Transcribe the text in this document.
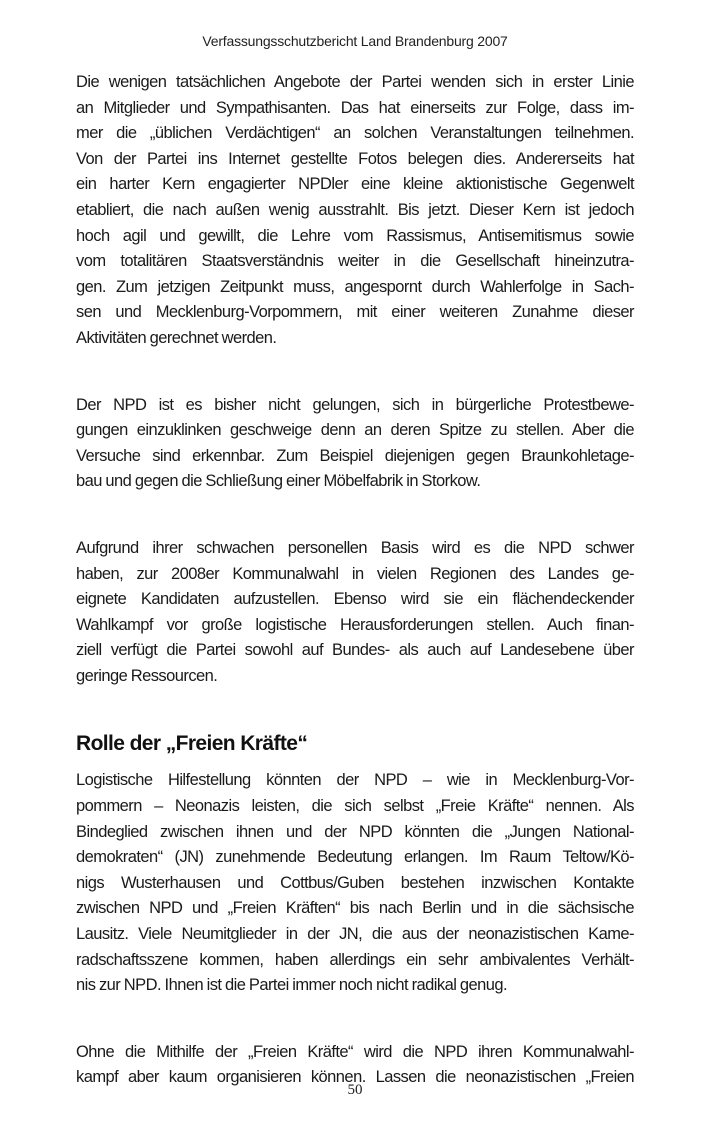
Verfassungsschutzbericht Land Brandenburg 2007

Die wenigen tatsächlichen Angebote der Partei wenden sich in erster Linie
an Mitglieder und Sympathisanten. Das hat einerseits zur Folge, dass im-
mer die „üblichen Verdächtigen“ an solchen Veranstaltungen teilnehmen.
Von der Partei ins Internet gestellte Fotos belegen dies. Andererseits hat
ein harter Kern engagierter NPDler eine kleine aktionistische Gegenwelt
etabliert, die nach außen wenig ausstrahlt. Bis jetzt. Dieser Kern ist jedoch
hoch agil und gewillt, die Lehre vom Rassismus, Antisemitismus sowie
vom totalitären Staatsverständnis weiter in die Gesellschaft hineinzutra-
gen. Zum jetzigen Zeitpunkt muss, angespornt durch Wahlerfolge in Sach-
sen und Mecklenburg-Vorpommern, mit einer weiteren Zunahme dieser
Aktivitäten gerechnet werden.

Der NPD ist es bisher nicht gelungen, sich in bürgerliche Protestbewe-
gungen einzuklinken geschweige denn an deren Spitze zu stellen. Aber die
Versuche sind erkennbar. Zum Beispiel diejenigen gegen Braunkohletage-
bau und gegen die Schließung einer Möbelfabrik in Storkow.

Aufgrund ihrer schwachen personellen Basis wird es die NPD schwer
haben, zur 2008er Kommunalwahl in vielen Regionen des Landes ge-
eignete Kandidaten aufzustellen. Ebenso wird sie ein flächendeckender
Wahlkampf vor große logistische Herausforderungen stellen. Auch finan-
ziell verfügt die Partei sowohl auf Bundes- als auch auf Landesebene über
geringe Ressourcen.

Rolle der „Freien Kräfte“

Logistische Hilfestellung könnten der NPD – wie in Mecklenburg-Vor-
pommern – Neonazis leisten, die sich selbst „Freie Kräfte“ nennen. Als
Bindeglied zwischen ihnen und der NPD könnten die „Jungen National-
demokraten“ (JN) zunehmende Bedeutung erlangen. Im Raum Teltow/Kö-
nigs Wusterhausen und Cottbus/Guben bestehen inzwischen Kontakte
zwischen NPD und „Freien Kräften“ bis nach Berlin und in die sächsische
Lausitz. Viele Neumitglieder in der JN, die aus der neonazistischen Kame-
radschaftsszene kommen, haben allerdings ein sehr ambivalentes Verhält-
nis zur NPD. Ihnen ist die Partei immer noch nicht radikal genug.

Ohne die Mithilfe der „Freien Kräfte“ wird die NPD ihren Kommunalwahl-
kampf aber kaum organisieren können. Lassen die neonazistischen „Freien

50
